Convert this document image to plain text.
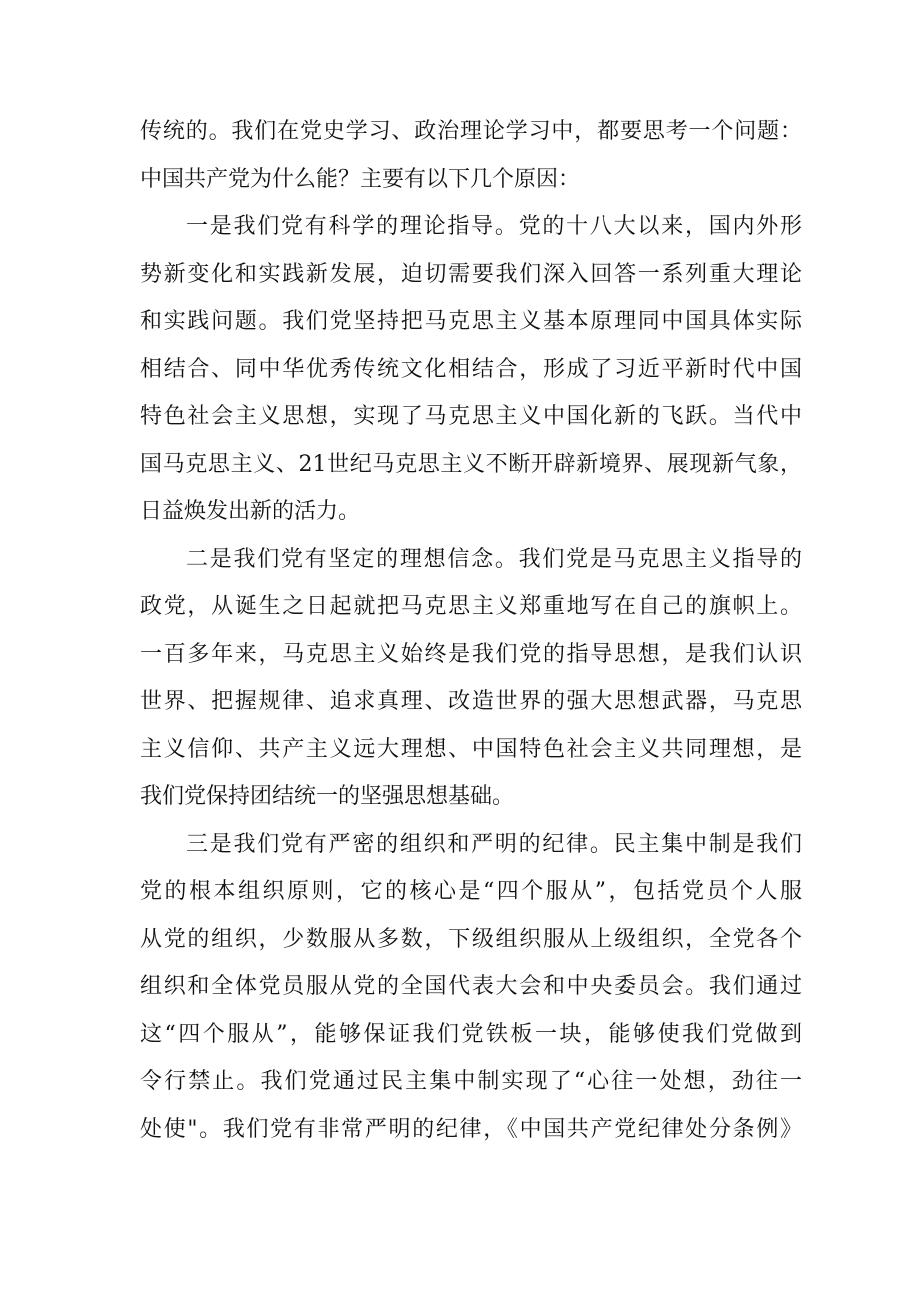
传统的。我们在党史学习、政治理论学习中，都要思考一个问题：
中国共产党为什么能？主要有以下几个原因：
一是我们党有科学的理论指导。党的十八大以来，国内外形
势新变化和实践新发展，迫切需要我们深入回答一系列重大理论
和实践问题。我们党坚持把马克思主义基本原理同中国具体实际
相结合、同中华优秀传统文化相结合，形成了习近平新时代中国
特色社会主义思想，实现了马克思主义中国化新的飞跃。当代中
国马克思主义、21世纪马克思主义不断开辟新境界、展现新气象，
日益焕发出新的活力。
二是我们党有坚定的理想信念。我们党是马克思主义指导的
政党，从诞生之日起就把马克思主义郑重地写在自己的旗帜上。
一百多年来，马克思主义始终是我们党的指导思想，是我们认识
世界、把握规律、追求真理、改造世界的强大思想武器，马克思
主义信仰、共产主义远大理想、中国特色社会主义共同理想，是
我们党保持团结统一的坚强思想基础。
三是我们党有严密的组织和严明的纪律。民主集中制是我们
党的根本组织原则，它的核心是“四个服从”，包括党员个人服
从党的组织，少数服从多数，下级组织服从上级组织，全党各个
组织和全体党员服从党的全国代表大会和中央委员会。我们通过
这“四个服从”，能够保证我们党铁板一块，能够使我们党做到
令行禁止。我们党通过民主集中制实现了“心往一处想，劲往一
处使"。我们党有非常严明的纪律，《中国共产党纪律处分条例》
